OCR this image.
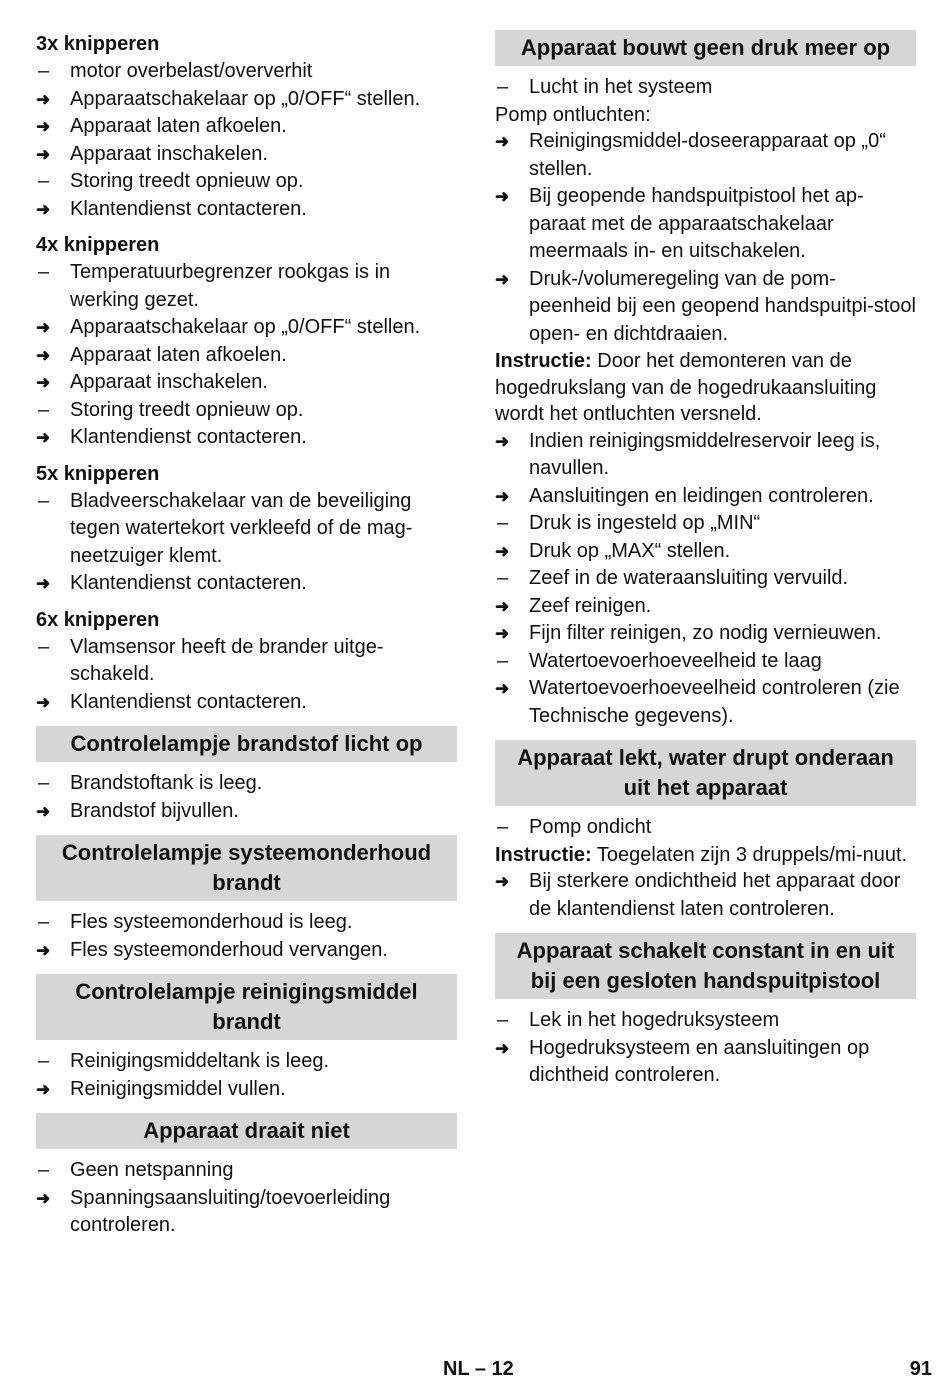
3x knipperen
–	motor overbelast/oververhit
➜ Apparaatschakelaar op „0/OFF“ stellen.
➜ Apparaat laten afkoelen.
➜ Apparaat inschakelen.
–	Storing treedt opnieuw op.
➜ Klantendienst contacteren.
4x knipperen
–	Temperatuurbegrenzer rookgas is in werking gezet.
➜ Apparaatschakelaar op „0/OFF“ stellen.
➜ Apparaat laten afkoelen.
➜ Apparaat inschakelen.
–	Storing treedt opnieuw op.
➜ Klantendienst contacteren.
5x knipperen
–	Bladveerschakelaar van de beveiliging tegen watertekort verkleefd of de mag-neetzuiger klemt.
➜ Klantendienst contacteren.
6x knipperen
–	Vlamsensor heeft de brander uitge-schakeld.
➜ Klantendienst contacteren.
Controlelampje brandstof licht op
–	Brandstoftank is leeg.
➜ Brandstof bijvullen.
Controlelampje systeemonderhoud brandt
–	Fles systeemonderhoud is leeg.
➜ Fles systeemonderhoud vervangen.
Controlelampje reinigingsmiddel brandt
–	Reinigingsmiddeltank is leeg.
➜ Reinigingsmiddel vullen.
Apparaat draait niet
–	Geen netspanning
➜ Spanningsaansluiting/toevoerleiding controleren.
Apparaat bouwt geen druk meer op
–	Lucht in het systeem
Pomp ontluchten:
➜ Reinigingsmiddel-doseerapparaat op „0“ stellen.
➜ Bij geopende handspuitpistool het ap-paraat met de apparaatschakelaar meermaals in- en uitschakelen.
➜ Druk-/volumeregeling van de pom-peenheid bij een geopend handspuitpi-stool open- en dichtdraaien.
Instructie: Door het demonteren van de hogedrukslang van de hogedrukaansluiting wordt het ontluchten versneld.
➜ Indien reinigingsmiddelreservoir leeg is, navullen.
➜ Aansluitingen en leidingen controleren.
–	Druk is ingesteld op „MIN“
➜ Druk op „MAX“ stellen.
–	Zeef in de wateraansluiting vervuild.
➜ Zeef reinigen.
➜ Fijn filter reinigen, zo nodig vernieuwen.
–	Watertoevoerhoeveelheid te laag
➜ Watertoevoerhoeveelheid controleren (zie Technische gegevens).
Apparaat lekt, water drupt onderaan uit het apparaat
–	Pomp ondicht
Instructie: Toegelaten zijn 3 druppels/mi-nuut.
➜ Bij sterkere ondichtheid het apparaat door de klantendienst laten controleren.
Apparaat schakelt constant in en uit bij een gesloten handspuitpistool
–	Lek in het hogedruksysteem
➜ Hogedruksysteem en aansluitingen op dichtheid controleren.
NL – 12	91
